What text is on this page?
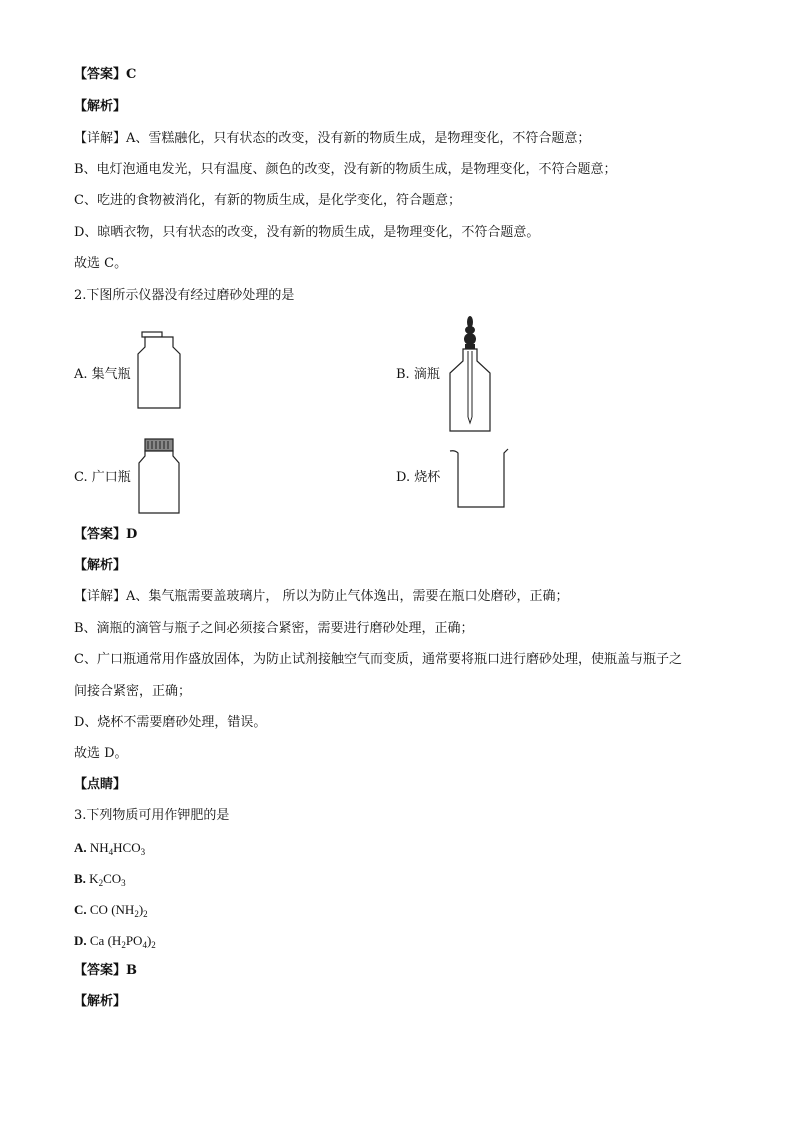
【答案】C
【解析】
【详解】A、雪糕融化，只有状态的改变，没有新的物质生成，是物理变化，不符合题意；
B、电灯泡通电发光，只有温度、颜色的改变，没有新的物质生成，是物理变化，不符合题意；
C、吃进的食物被消化，有新的物质生成，是化学变化，符合题意；
D、晾晒衣物，只有状态的改变，没有新的物质生成，是物理变化，不符合题意。
故选 C。
2.下图所示仪器没有经过磨砂处理的是
A. 集气瓶	B. 滴瓶
C. 广口瓶	D. 烧杯
【答案】D
【解析】
【详解】A、集气瓶需要盖玻璃片， 所以为防止气体逸出，需要在瓶口处磨砂，正确；
B、滴瓶的滴管与瓶子之间必须接合紧密，需要进行磨砂处理，正确；
C、广口瓶通常用作盛放固体，为防止试剂接触空气而变质，通常要将瓶口进行磨砂处理，使瓶盖与瓶子之
间接合紧密，正确；
D、烧杯不需要磨砂处理，错误。
故选 D。
【点睛】
3.下列物质可用作钾肥的是
A. $NH_4HCO_3$
B. $K_2CO_3$
C. CO $(NH_2)_2$
D. Ca $(H_2PO_4)_2$
【答案】B
【解析】
